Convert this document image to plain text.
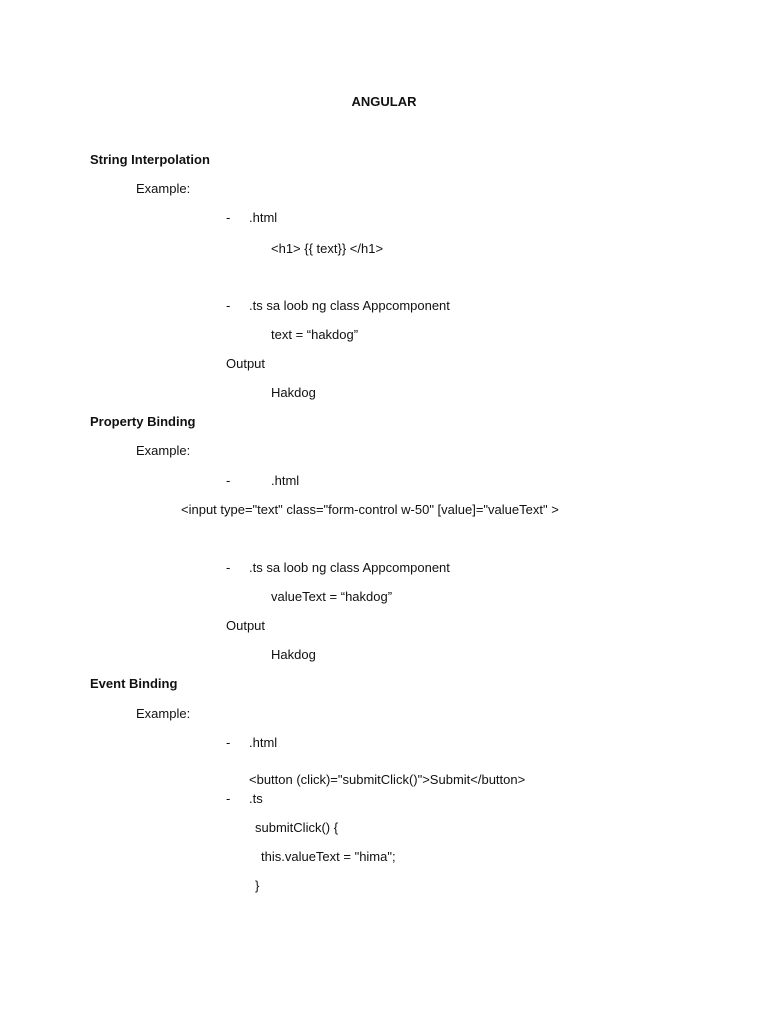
ANGULAR
String Interpolation
Example:
- .html
<h1> {{ text}} </h1>
- .ts sa loob ng class Appcomponent
text = “hakdog”
Output
Hakdog
Property Binding
Example:
-	.html
<input type="text" class="form-control w-50" [value]="valueText" >
- .ts sa loob ng class Appcomponent
valueText = “hakdog”
Output
Hakdog
Event Binding
Example:
- .html
<button (click)="submitClick()">Submit</button>
- .ts
submitClick() {
this.valueText = "hima";
}
